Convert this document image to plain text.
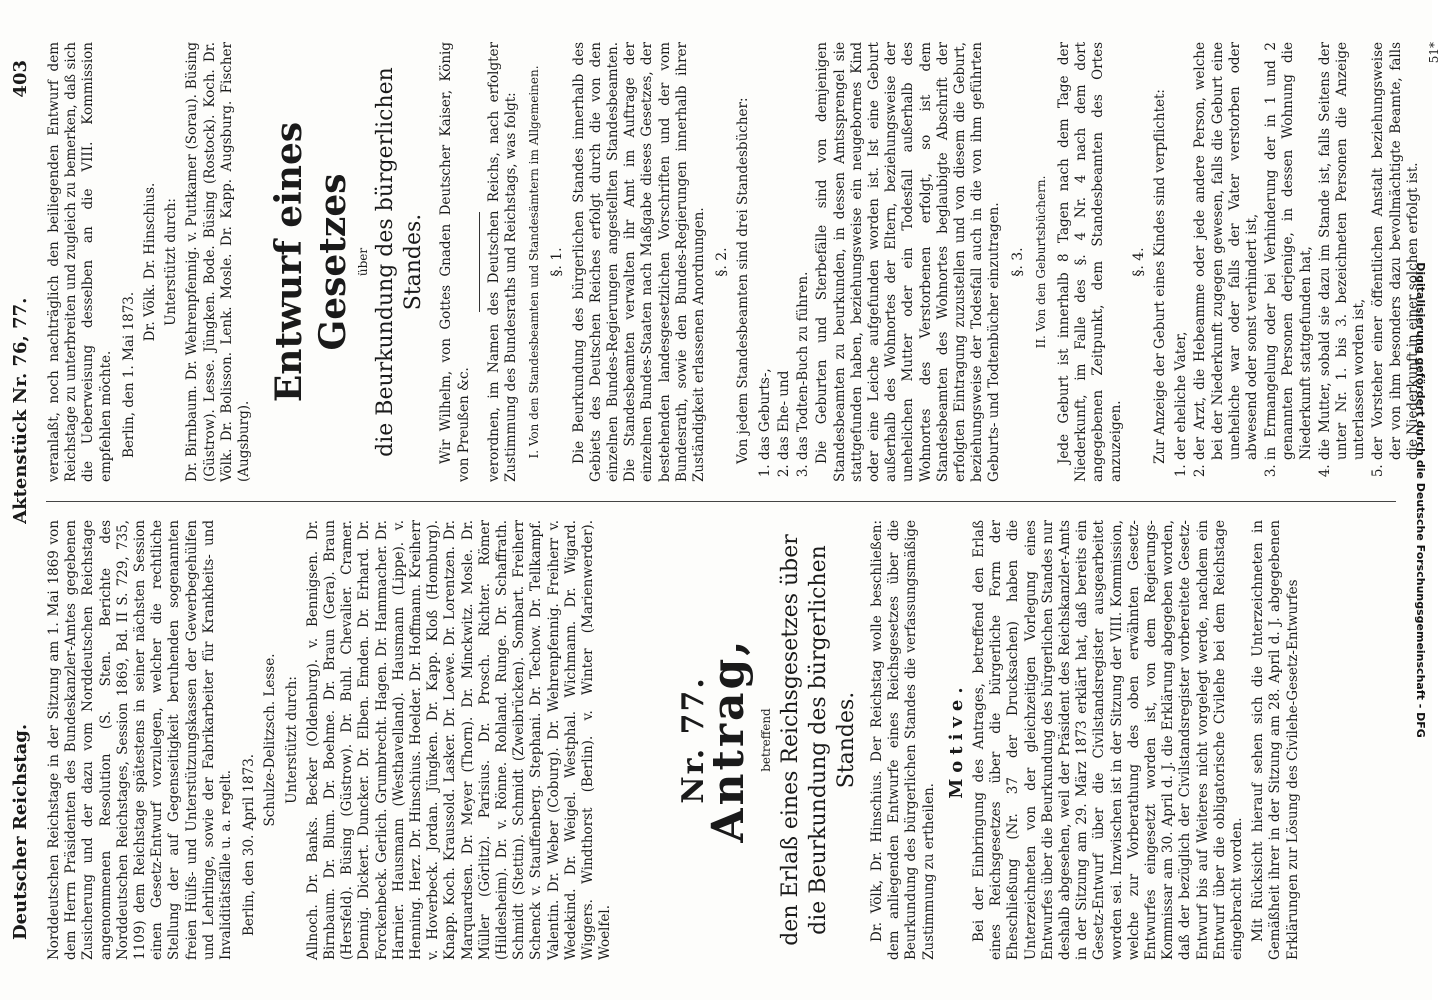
Digitalisierung gefördert durch die Deutsche Forschungsgemeinschaft - DFG
Deutscher Reichstag.
Aktenstück Nr. 76, 77.
403

Norddeutschen Reichstage in der Sitzung am 1. Mai 1869 von dem Herrn Präsidenten des Bundeskanzler-Amtes gegebenen Zusicherung und der dazu vom Norddeutschen Reichstage angenommenen Resolution (S. Sten. Berichte des Norddeutschen Reichstages, Session 1869, Bd. II S. 729, 735, 1109) dem Reichstage spätestens in seiner nächsten Session einen Gesetz-Entwurf vorzulegen, welcher die rechtliche Stellung der auf Gegenseitigkeit beruhenden sogenannten freien Hülfs- und Unterstützungskassen der Gewerbegehülfen und Lehrlinge, sowie der Fabrikarbeiter für Krankheits- und Invaliditätsfälle u. a. regelt. Berlin, den 30. April 1873.

Schulze-Delitzsch. Lesse. Unterstützt durch: Allnoch. Dr. Banks. Becker (Oldenburg). v. Bennigsen. Dr. Birnbaum. Dr. Blum. Dr. Boehme. Dr. Braun (Gera). Braun (Hersfeld). Büsing (Güstrow). Dr. Buhl. Chevalier. Cramer. Dennig. Dickert. Duncker. Dr. Elben. Emden. Dr. Erhard. Dr. Forckenbeck. Gerlich. Grumbrecht. Hagen. Dr. Hammacher. Dr. Harnier. Hausmann (Westhavelland). Hausmann (Lippe). v. Henning. Herz. Dr. Hinschius. Hoelder. Dr. Hoffmann. Kreiherr v. Hoverbeck. Jordan. Jüngken. Dr. Kapp. Kloß (Homburg). Knapp. Koch. Kraussold. Lasker. Dr. Loewe. Dr. Lorentzen. Dr. Marquardsen. Dr. Meyer (Thorn). Dr. Minckwitz. Mosle. Dr. Müller (Görlitz). Parisius. Dr. Prosch. Richter. Römer (Hildesheim). Dr. v. Rönne. Rohland. Runge. Dr. Schaffrath. Schmidt (Stettin). Schmidt (Zweibrücken). Sombart. Freiherr Schenck v. Stauffenberg. Stephani. Dr. Techow. Dr. Tellkampf. Valentin. Dr. Weber (Coburg). Dr. Wehrenpfennig. Freiherr v. Wedekind. Dr. Weigel. Westphal. Wichmann. Dr. Wigard. Wiggers. Windthorst (Berlin). v. Winter (Marienwerder). Woelfel.

Nr. 77.
Antrag, betreffend den Erlaß eines Reichsgesetzes über die Beurkundung des bürgerlichen Standes. Dr. Völk, Dr. Hinschius. Der Reichstag wolle beschließen: dem anliegenden Entwurfe eines Reichsgesetzes über die Beurkundung des bürgerlichen Standes die verfassungsmäßige Zustimmung zu ertheilen.

Motive. Bei der Einbringung des Antrages, betreffend den Erlaß eines Reichsgesetzes über die bürgerliche Form der Eheschließung (Nr. 37 der Drucksachen) haben die Unterzeichneten von der gleichzeitigen Vorlegung eines Entwurfes über die Beurkundung des bürgerlichen Standes nur deshalb abgesehen, weil der Präsident des Reichskanzler-Amts in der Sitzung am 29. März 1873 erklärt hat, daß bereits ein Gesetz-Entwurf über die Civilstandsregister ausgearbeitet worden sei. Inzwischen ist in der Sitzung der VIII. Kommission, welche zur Vorberathung des oben erwähnten Gesetz-Entwurfes eingesetzt worden ist, von dem Regierungs-Kommissar am 30. April d. J. die Erklärung abgegeben worden, daß der bezüglich der Civilstandsregister vorbereitete Gesetz-Entwurf bis auf Weiteres nicht vorgelegt werde, nachdem ein Entwurf über die obligatorische Civilehe bei dem Reichstage eingebracht worden. Mit Rücksicht hierauf sehen sich die Unterzeichneten in Gemäßheit ihrer in der Sitzung am 28. April d. J. abgegebenen Erklärungen zur Lösung des Civilehe-Gesetz-Entwurfes

veranlaßt, noch nachträglich den beiliegenden Entwurf dem Reichstage zu unterbreiten und zugleich zu bemerken, daß sich die Ueberweisung desselben an die VIII. Kommission empfehlen möchte. Berlin, den 1. Mai 1873.

Dr. Völk. Dr. Hinschius. Unterstützt durch: Dr. Birnbaum. Dr. Wehrenpfennig. v. Puttkamer (Sorau). Büsing (Güstrow). Lesse. Jüngken. Bode. Büsing (Rostock). Koch. Dr. Völk. Dr. Bolisson. Lenk. Mosle. Dr. Kapp. Augsburg. Fischer (Augsburg).

Entwurf eines Gesetzes über die Beurkundung des bürgerlichen Standes. Wir Wilhelm, von Gottes Gnaden Deutscher Kaiser, König von Preußen &c. verordnen, im Namen des Deutschen Reichs, nach erfolgter Zustimmung des Bundesraths und Reichstags, was folgt: I. Von den Standesbeamten und Standesämtern im Allgemeinen. §. 1. Die Beurkundung des bürgerlichen Standes innerhalb des Gebiets des Deutschen Reiches erfolgt durch die von den einzelnen Bundes-Regierungen angestellten Standesbeamten. Die Standesbeamten verwalten ihr Amt im Auftrage der einzelnen Bundes-Staaten nach Maßgabe dieses Gesetzes, der bestehenden landesgesetzlichen Vorschriften und der vom Bundesrath, sowie den Bundes-Regierungen innerhalb ihrer Zuständigkeit erlassenen Anordnungen. §. 2. Von jedem Standesbeamten sind drei Standesbücher: 1. das Geburts-, 2. das Ehe- und 3. das Todten-Buch zu führen. Die Geburten und Sterbefälle sind von demjenigen Standesbeamten zu beurkunden, in dessen Amtssprengel sie stattgefunden haben, beziehungsweise ein neugebornes Kind oder eine Leiche aufgefunden worden ist. Ist eine Geburt außerhalb des Wohnortes der Eltern, beziehungsweise der unehelichen Mutter oder ein Todesfall außerhalb des Wohnortes des Verstorbenen erfolgt, so ist dem Standesbeamten des Wohnortes beglaubigte Abschrift der erfolgten Eintragung zuzustellen und von diesem die Geburt, beziehungsweise der Todesfall auch in die von ihm geführten Geburts- und Todtenbücher einzutragen. §. 3. II. Von den Geburtsbüchern. Jede Geburt ist innerhalb 8 Tagen nach dem Tage der Niederkunft, im Falle des §. 4 Nr. 4 nach dem dort angegebenen Zeitpunkt, dem Standesbeamten des Ortes anzuzeigen.

§. 4. Zur Anzeige der Geburt eines Kindes sind verpflichtet: 1. der eheliche Vater, 2. der Arzt, die Hebeamme oder jede andere Person, welche bei der Niederkunft zugegen gewesen, falls die Geburt eine uneheliche war oder falls der Vater verstorben oder abwesend oder sonst verhindert ist, 3. in Ermangelung oder bei Verhinderung der in 1 und 2 genannten Personen derjenige, in dessen Wohnung die Niederkunft stattgefunden hat, 4. die Mutter, sobald sie dazu im Stande ist, falls Seitens der unter Nr. 1. bis 3. bezeichneten Personen die Anzeige unterlassen worden ist, 5. der Vorsteher einer öffentlichen Anstalt beziehungsweise der von ihm besonders dazu bevollmächtigte Beamte, falls die Niederkunft in einer solchen erfolgt ist.
51*
